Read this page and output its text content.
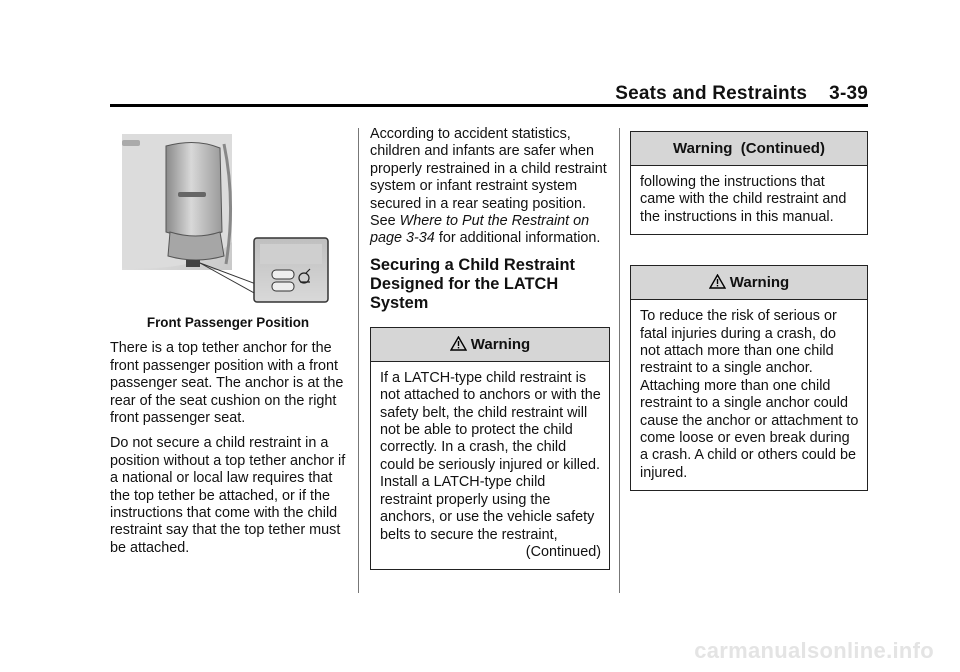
Seats and Restraints 3-39
Front Passenger Position

There is a top tether anchor for the front passenger position with a front passenger seat. The anchor is at the rear of the seat cushion on the right front passenger seat.

Do not secure a child restraint in a position without a top tether anchor if a national or local law requires that the top tether be attached, or if the instructions that come with the child restraint say that the top tether must be attached.

According to accident statistics, children and infants are safer when properly restrained in a child restraint system or infant restraint system secured in a rear seating position. See Where to Put the Restraint on page 3-34 for additional information.

Securing a Child Restraint Designed for the LATCH System
Warning
If a LATCH-type child restraint is not attached to anchors or with the safety belt, the child restraint will not be able to protect the child correctly. In a crash, the child could be seriously injured or killed. Install a LATCH-type child restraint properly using the anchors, or use the vehicle safety belts to secure the restraint,
(Continued)
Warning  (Continued)
following the instructions that came with the child restraint and the instructions in this manual.
Warning
To reduce the risk of serious or fatal injuries during a crash, do not attach more than one child restraint to a single anchor. Attaching more than one child restraint to a single anchor could cause the anchor or attachment to come loose or even break during a crash. A child or others could be injured.
carmanualsonline.info
